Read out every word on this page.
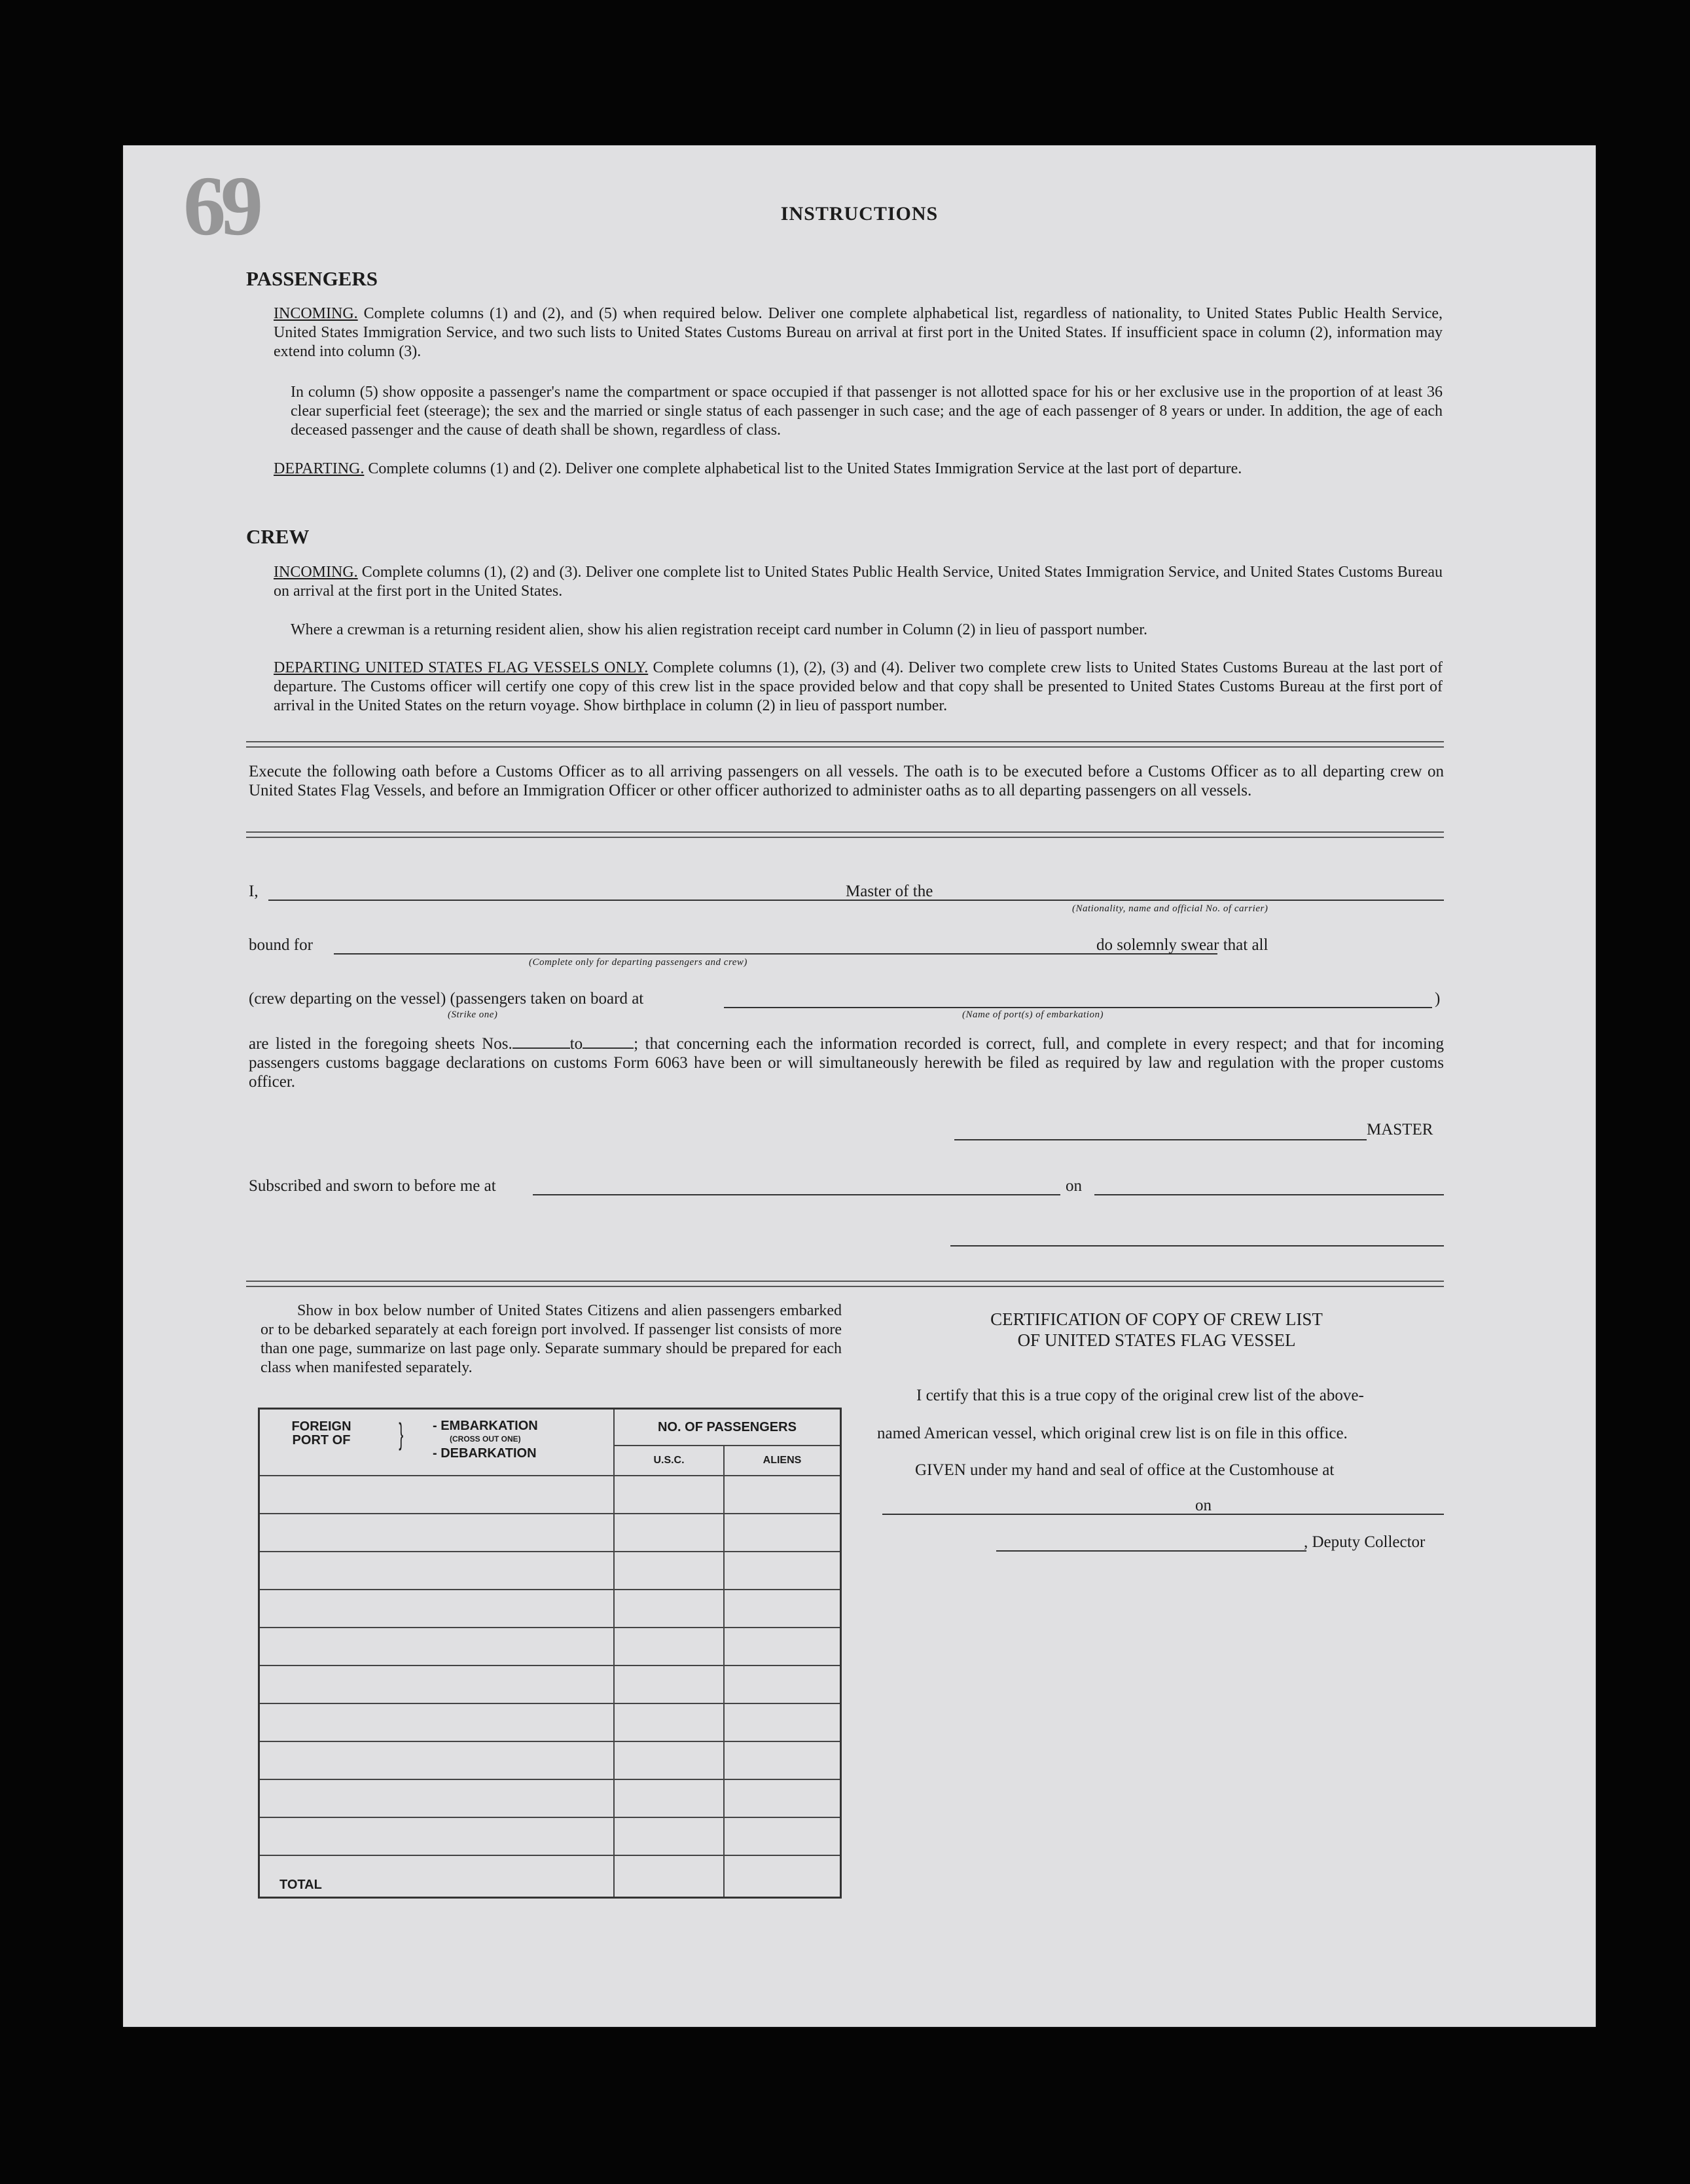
69	INSTRUCTIONS
PASSENGERS
INCOMING. Complete columns (1) and (2), and (5) when required below. Deliver one complete alphabetical list, regardless of nationality, to United States Public Health Service, United States Immigration Service, and two such lists to United States Customs Bureau on arrival at first port in the United States. If insufficient space in column (2), information may extend into column (3).
In column (5) show opposite a passenger's name the compartment or space occupied if that passenger is not allotted space for his or her exclusive use in the proportion of at least 36 clear superficial feet (steerage); the sex and the married or single status of each passenger in such case; and the age of each passenger of 8 years or under. In addition, the age of each deceased passenger and the cause of death shall be shown, regardless of class.
DEPARTING. Complete columns (1) and (2). Deliver one complete alphabetical list to the United States Immigration Service at the last port of departure.
CREW
INCOMING. Complete columns (1), (2) and (3). Deliver one complete list to United States Public Health Service, United States Immigration Service, and United States Customs Bureau on arrival at the first port in the United States.
Where a crewman is a returning resident alien, show his alien registration receipt card number in Column (2) in lieu of passport number.
DEPARTING UNITED STATES FLAG VESSELS ONLY. Complete columns (1), (2), (3) and (4). Deliver two complete crew lists to United States Customs Bureau at the last port of departure. The Customs officer will certify one copy of this crew list in the space provided below and that copy shall be presented to United States Customs Bureau at the first port of arrival in the United States on the return voyage. Show birthplace in column (2) in lieu of passport number.
Execute the following oath before a Customs Officer as to all arriving passengers on all vessels. The oath is to be executed before a Customs Officer as to all departing crew on United States Flag Vessels, and before an Immigration Officer or other officer authorized to administer oaths as to all departing passengers on all vessels.
I,	Master of the
(Nationality, name and official No. of carrier)
bound for
(Complete only for departing passengers and crew)
do solemnly swear that all
(crew departing on the vessel) (passengers taken on board at	)
(Strike one)	(Name of port(s) of embarkation)
are listed in the foregoing sheets Nos.	to	; that concerning each the information recorded is correct, full, and complete in every respect; and that for incoming passengers customs baggage declarations on customs Form 6063 have been or will simultaneously herewith be filed as required by law and regulation with the proper customs officer.
MASTER
Subscribed and sworn to before me at	on
Show in box below number of United States Citizens and alien passengers embarked or to be debarked separately at each foreign port involved. If passenger list consists of more than one page, summarize on last page only. Separate summary should be prepared for each class when manifested separately.
FOREIGN PORT OF } - EMBARKATION
(CROSS OUT ONE)
- DEBARKATION	NO. OF PASSENGERS	
	U.S.C.	ALIENS

TOTAL		
CERTIFICATION OF COPY OF CREW LIST
OF UNITED STATES FLAG VESSEL
I certify that this is a true copy of the original crew list of the above-
named American vessel, which original crew list is on file in this office.
GIVEN under my hand and seal of office at the Customhouse at
on
, Deputy Collector
